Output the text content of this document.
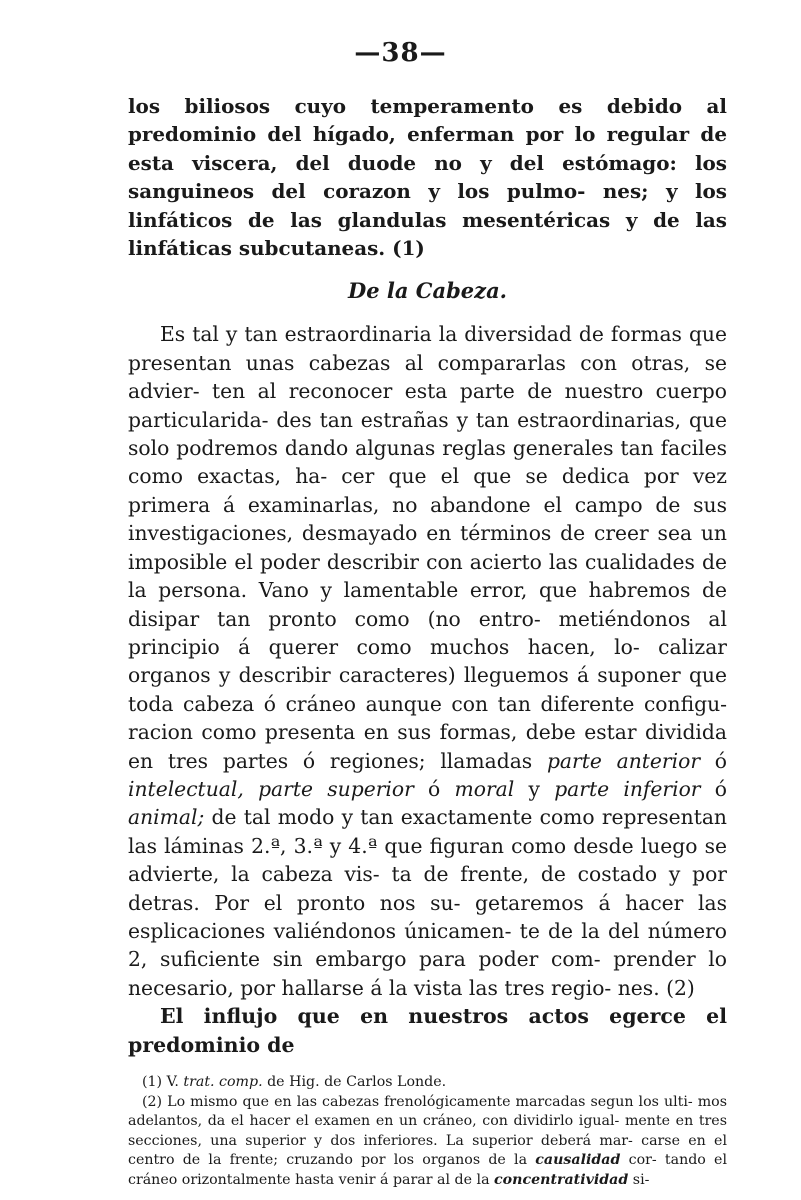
—38—

los biliosos cuyo temperamento es debido al predominio del hígado, enferman por lo regular de esta viscera, del duode no y del estómago: los sanguineos del corazon y los pulmo- nes; y los linfáticos de las glandulas mesentéricas y de las linfáticas subcutaneas. (1)

De la Cabeza.

Es tal y tan estraordinaria la diversidad de formas que presentan unas cabezas al compararlas con otras, se advier- ten al reconocer esta parte de nuestro cuerpo particularida- des tan estrañas y tan estraordinarias, que solo podremos dando algunas reglas generales tan faciles como exactas, ha- cer que el que se dedica por vez primera á examinarlas, no abandone el campo de sus investigaciones, desmayado en términos de creer sea un imposible el poder describir con acierto las cualidades de la persona. Vano y lamentable error, que habremos de disipar tan pronto como (no entro- metiéndonos al principio á querer como muchos hacen, lo- calizar organos y describir caracteres) lleguemos á suponer que toda cabeza ó cráneo aunque con tan diferente configu- racion como presenta en sus formas, debe estar dividida en tres partes ó regiones; llamadas parte anterior ó intelectual, parte superior ó moral y parte inferior ó animal; de tal modo y tan exactamente como representan las láminas 2.ª, 3.ª y 4.ª que figuran como desde luego se advierte, la cabeza vis- ta de frente, de costado y por detras. Por el pronto nos su- getaremos á hacer las esplicaciones valiéndonos únicamen- te de la del número 2, suficiente sin embargo para poder com- prender lo necesario, por hallarse á la vista las tres regio- nes. (2)

El influjo que en nuestros actos egerce el predominio de

(1) V. trat. comp. de Hig. de Carlos Londe.

(2) Lo mismo que en las cabezas frenológicamente marcadas segun los ulti- mos adelantos, da el hacer el examen en un cráneo, con dividirlo igual- mente en tres secciones, una superior y dos inferiores. La superior deberá mar- carse en el centro de la frente; cruzando por los organos de la causalidad cor- tando el cráneo orizontalmente hasta venir á parar al de la concentratividad si-
